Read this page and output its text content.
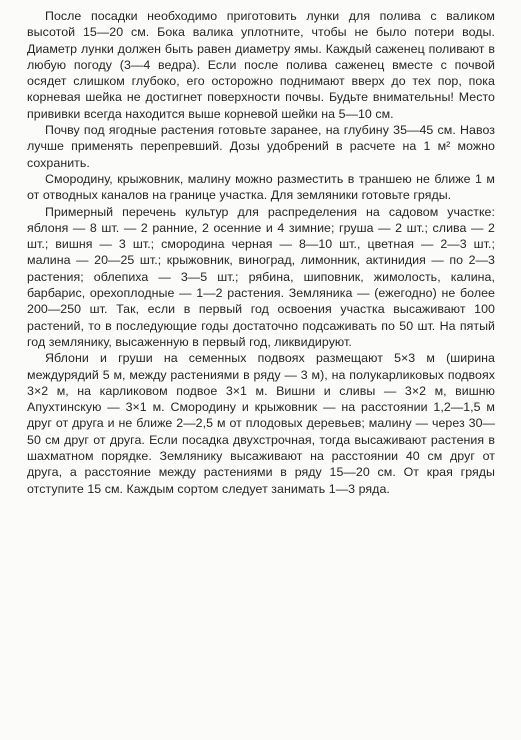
После посадки необходимо приготовить лунки для полива с валиком высотой 15—20 см. Бока валика уплотните, чтобы не было потери воды. Диаметр лунки должен быть равен диаметру ямы. Каждый саженец поливают в любую погоду (3—4 ведра). Если после полива саженец вместе с почвой осядет слишком глубоко, его осторожно поднимают вверх до тех пор, пока корневая шейка не достигнет поверхности почвы. Будьте внимательны! Место прививки всегда находится выше корневой шейки на 5—10 см.

Почву под ягодные растения готовьте заранее, на глубину 35—45 см. Навоз лучше применять перепревший. Дозы удобрений в расчете на 1 м² можно сохранить.

Смородину, крыжовник, малину можно разместить в траншею не ближе 1 м от отводных каналов на границе участка. Для земляники готовьте гряды.

Примерный перечень культур для распределения на садовом участке: яблоня — 8 шт. — 2 ранние, 2 осенние и 4 зимние; груша — 2 шт.; слива — 2 шт.; вишня — 3 шт.; смородина черная — 8—10 шт., цветная — 2—3 шт.; малина — 20—25 шт.; крыжовник, виноград, лимонник, актинидия — по 2—3 растения; облепиха — 3—5 шт.; рябина, шиповник, жимолость, калина, барбарис, орехоплодные — 1—2 растения. Земляника — (ежегодно) не более 200—250 шт. Так, если в первый год освоения участка высаживают 100 растений, то в последующие годы достаточно подсаживать по 50 шт. На пятый год землянику, высаженную в первый год, ликвидируют.

Яблони и груши на семенных подвоях размещают 5×3 м (ширина междурядий 5 м, между растениями в ряду — 3 м), на полукарликовых подвоях 3×2 м, на карликовом подвое 3×1 м. Вишни и сливы — 3×2 м, вишню Апухтинскую — 3×1 м. Смородину и крыжовник — на расстоянии 1,2—1,5 м друг от друга и не ближе 2—2,5 м от плодовых деревьев; малину — через 30—50 см друг от друга. Если посадка двухстрочная, тогда высаживают растения в шахматном порядке. Землянику высаживают на расстоянии 40 см друг от друга, а расстояние между растениями в ряду 15—20 см. От края гряды отступите 15 см. Каждым сортом следует занимать 1—3 ряда.
